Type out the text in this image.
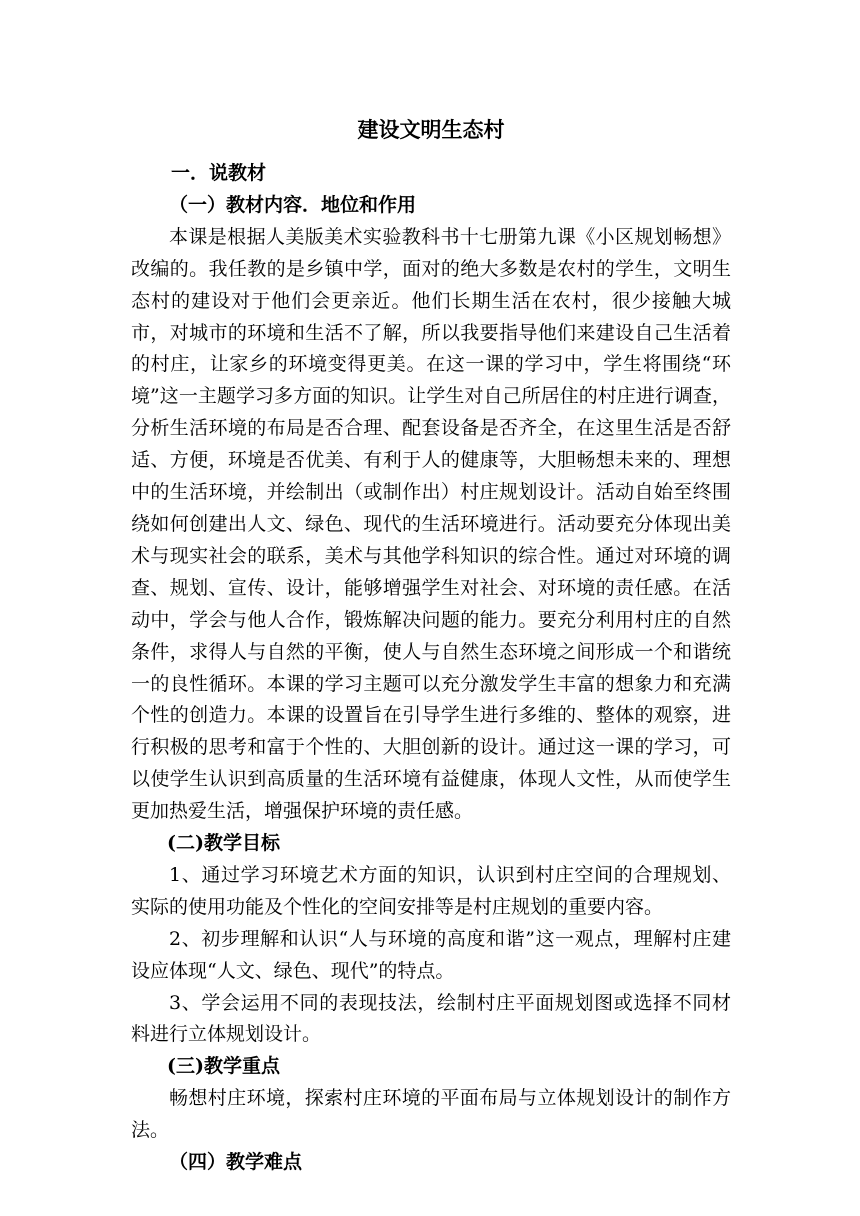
建设文明生态村

一．说教材

（一）教材内容．地位和作用

本课是根据人美版美术实验教科书十七册第九课《小区规划畅想》改编的。我任教的是乡镇中学，面对的绝大多数是农村的学生，文明生态村的建设对于他们会更亲近。他们长期生活在农村，很少接触大城市，对城市的环境和生活不了解，所以我要指导他们来建设自己生活着的村庄，让家乡的环境变得更美。在这一课的学习中，学生将围绕“环境”这一主题学习多方面的知识。让学生对自己所居住的村庄进行调查，分析生活环境的布局是否合理、配套设备是否齐全，在这里生活是否舒适、方便，环境是否优美、有利于人的健康等，大胆畅想未来的、理想中的生活环境，并绘制出（或制作出）村庄规划设计。活动自始至终围绕如何创建出人文、绿色、现代的生活环境进行。活动要充分体现出美术与现实社会的联系，美术与其他学科知识的综合性。通过对环境的调查、规划、宣传、设计，能够增强学生对社会、对环境的责任感。在活动中，学会与他人合作，锻炼解决问题的能力。要充分利用村庄的自然条件，求得人与自然的平衡，使人与自然生态环境之间形成一个和谐统一的良性循环。本课的学习主题可以充分激发学生丰富的想象力和充满个性的创造力。本课的设置旨在引导学生进行多维的、整体的观察，进行积极的思考和富于个性的、大胆创新的设计。通过这一课的学习，可以使学生认识到高质量的生活环境有益健康，体现人文性，从而使学生更加热爱生活，增强保护环境的责任感。

(二)教学目标

1、通过学习环境艺术方面的知识，认识到村庄空间的合理规划、实际的使用功能及个性化的空间安排等是村庄规划的重要内容。

2、初步理解和认识“人与环境的高度和谐”这一观点，理解村庄建设应体现“人文、绿色、现代”的特点。

3、学会运用不同的表现技法，绘制村庄平面规划图或选择不同材料进行立体规划设计。

(三)教学重点

畅想村庄环境，探索村庄环境的平面布局与立体规划设计的制作方法。

（四）教学难点
